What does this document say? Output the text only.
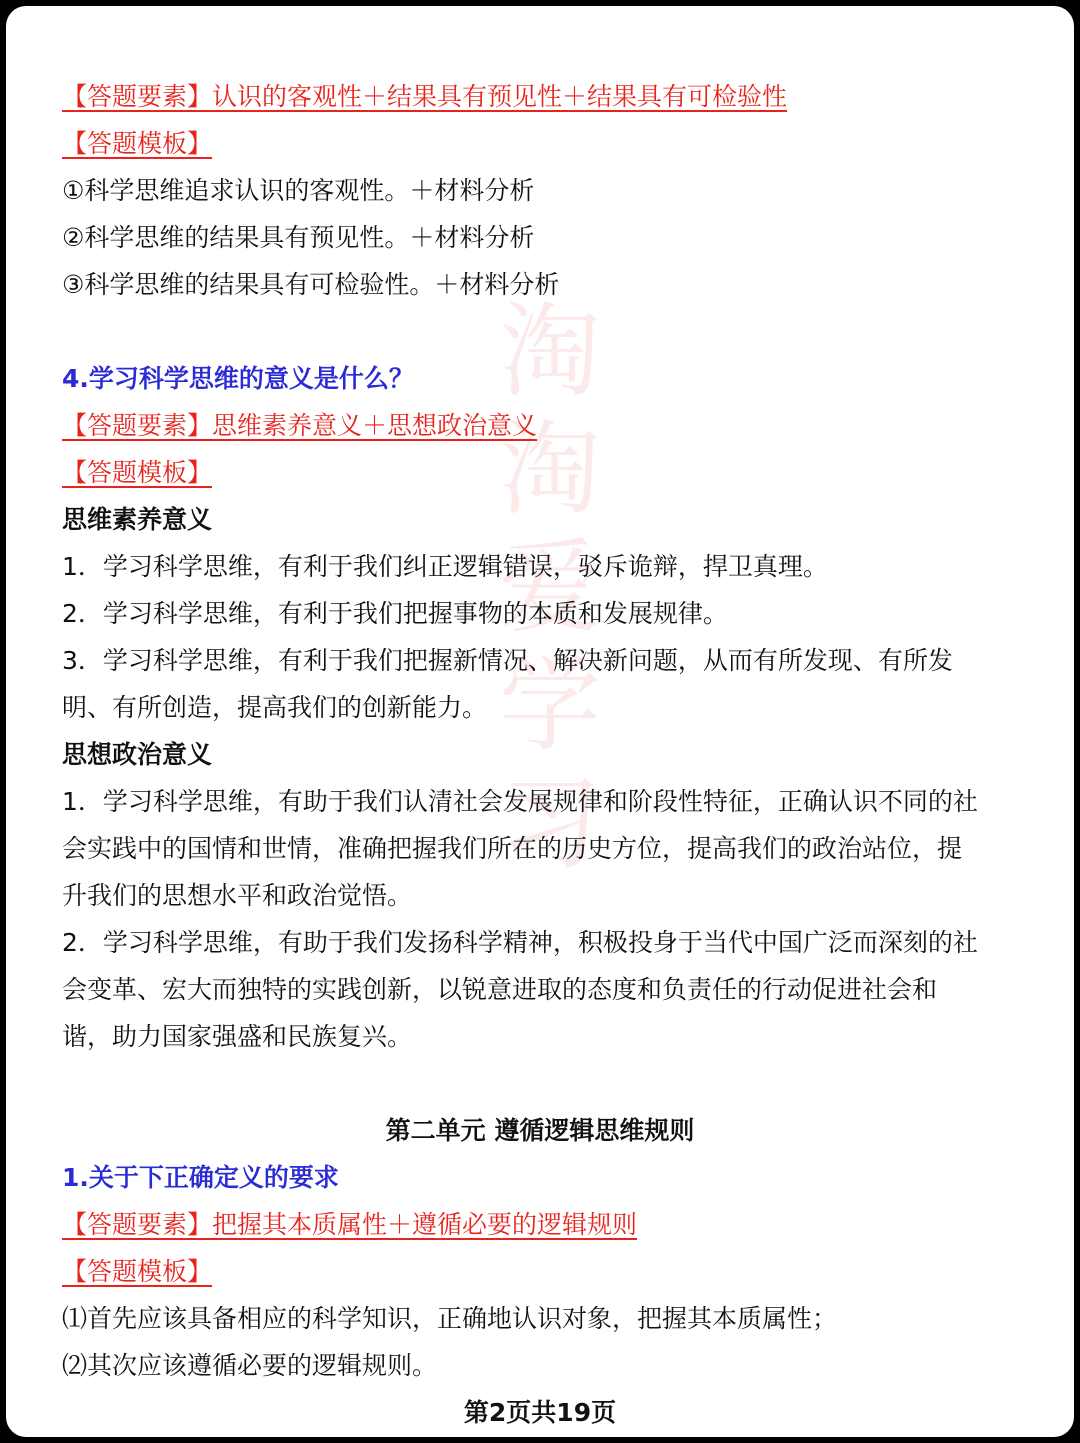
淘
淘
爱
学
习
【答题要素】认识的客观性＋结果具有预见性＋结果具有可检验性
【答题模板】
①科学思维追求认识的客观性。＋材料分析
②科学思维的结果具有预见性。＋材料分析
③科学思维的结果具有可检验性。＋材料分析
4.学习科学思维的意义是什么？
【答题要素】思维素养意义＋思想政治意义
【答题模板】
思维素养意义
1．学习科学思维，有利于我们纠正逻辑错误，驳斥诡辩，捍卫真理。
2．学习科学思维，有利于我们把握事物的本质和发展规律。
3．学习科学思维，有利于我们把握新情况、解决新问题，从而有所发现、有所发
明、有所创造，提高我们的创新能力。
思想政治意义
1．学习科学思维，有助于我们认清社会发展规律和阶段性特征，正确认识不同的社
会实践中的国情和世情，准确把握我们所在的历史方位，提高我们的政治站位，提
升我们的思想水平和政治觉悟。
2．学习科学思维，有助于我们发扬科学精神，积极投身于当代中国广泛而深刻的社
会变革、宏大而独特的实践创新，以锐意进取的态度和负责任的行动促进社会和
谐，助力国家强盛和民族复兴。
第二单元 遵循逻辑思维规则
1.关于下正确定义的要求
【答题要素】把握其本质属性＋遵循必要的逻辑规则
【答题模板】
⑴首先应该具备相应的科学知识，正确地认识对象，把握其本质属性；
⑵其次应该遵循必要的逻辑规则。
第2页共19页
